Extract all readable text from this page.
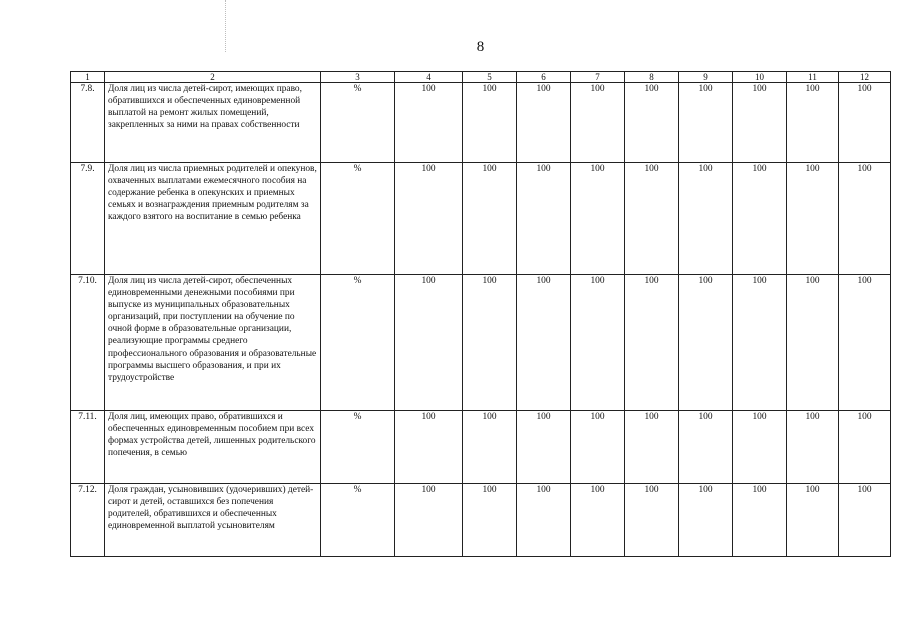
8
1	2	3	4	5	6	7	8	9	10	11	12
7.8.	Доля лиц из числа детей-сирот, имеющих право, обратившихся и обеспеченных единовременной выплатой на ремонт жилых помещений, закрепленных за ними на правах собственности	%	100	100	100	100	100	100	100	100	100
7.9.	Доля лиц из числа приемных родителей и опекунов, охваченных выплатами ежемесячного пособия на содержание ребенка в опекунских и приемных семьях и вознаграждения приемным родителям за каждого взятого на воспитание в семью ребенка	%	100	100	100	100	100	100	100	100	100
7.10.	Доля лиц из числа детей-сирот, обеспеченных единовременными денежными пособиями при выпуске из муниципальных образовательных организаций, при поступлении на обучение по очной форме в образовательные организации, реализующие программы среднего профессионального образования и образовательные программы высшего образования, и при их трудоустройстве	%	100	100	100	100	100	100	100	100	100
7.11.	Доля лиц, имеющих право, обратившихся и обеспеченных единовременным пособием при всех формах устройства детей, лишенных родительского попечения, в семью	%	100	100	100	100	100	100	100	100	100
7.12.	Доля граждан, усыновивших (удочеривших) детей-сирот и детей, оставшихся без попечения родителей, обратившихся и обеспеченных единовременной выплатой усыновителям	%	100	100	100	100	100	100	100	100	100
